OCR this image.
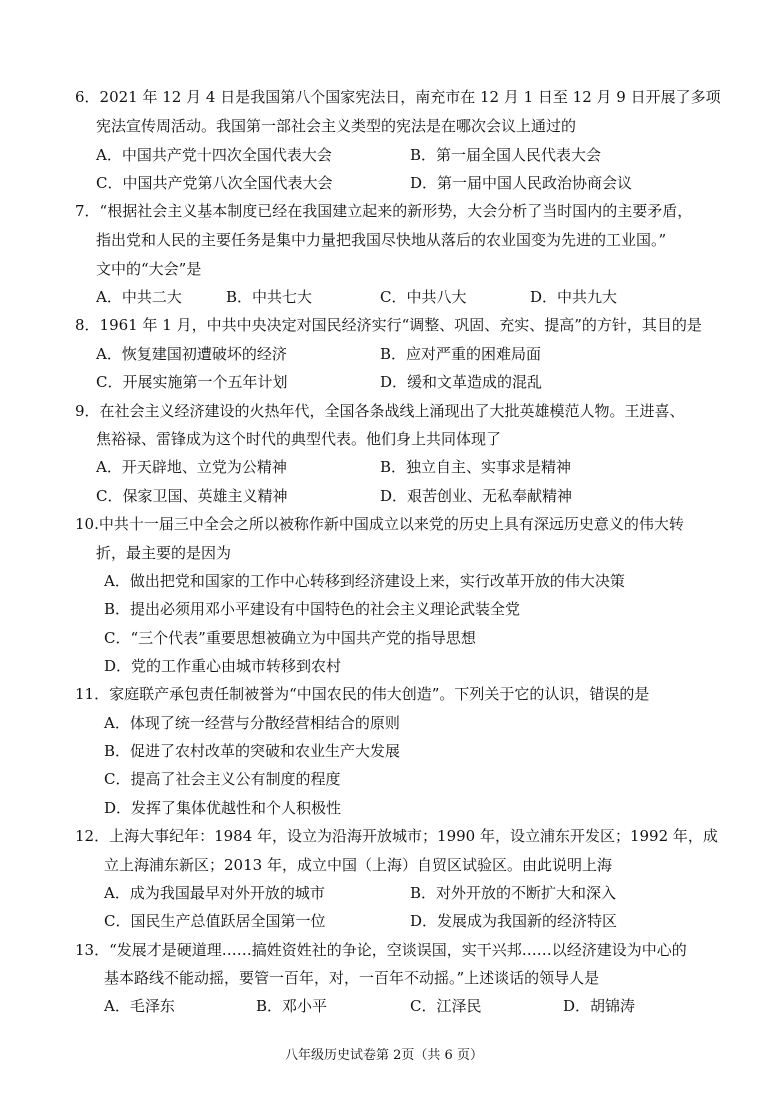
6．2021 年 12 月 4 日是我国第八个国家宪法日，南充市在 12 月 1 日至 12 月 9 日开展了多项
宪法宣传周活动。我国第一部社会主义类型的宪法是在哪次会议上通过的
A．中国共产党十四次全国代表大会	B．第一届全国人民代表大会
C．中国共产党第八次全国代表大会	D．第一届中国人民政治协商会议
7．“根据社会主义基本制度已经在我国建立起来的新形势，大会分析了当时国内的主要矛盾，
指出党和人民的主要任务是集中力量把我国尽快地从落后的农业国变为先进的工业国。”
文中的“大会”是
A．中共二大	B．中共七大	C．中共八大	D．中共九大
8．1961 年 1 月，中共中央决定对国民经济实行“调整、巩固、充实、提高”的方针，其目的是
A．恢复建国初遭破坏的经济	B．应对严重的困难局面
C．开展实施第一个五年计划	D．缓和文革造成的混乱
9．在社会主义经济建设的火热年代，全国各条战线上涌现出了大批英雄模范人物。王进喜、
焦裕禄、雷锋成为这个时代的典型代表。他们身上共同体现了
A．开天辟地、立党为公精神	B．独立自主、实事求是精神
C．保家卫国、英雄主义精神	D．艰苦创业、无私奉献精神
10.中共十一届三中全会之所以被称作新中国成立以来党的历史上具有深远历史意义的伟大转
折，最主要的是因为
A．做出把党和国家的工作中心转移到经济建设上来，实行改革开放的伟大决策
B．提出必须用邓小平建设有中国特色的社会主义理论武装全党
C．“三个代表”重要思想被确立为中国共产党的指导思想
D．党的工作重心由城市转移到农村
11．家庭联产承包责任制被誉为“中国农民的伟大创造”。下列关于它的认识，错误的是
A．体现了统一经营与分散经营相结合的原则
B．促进了农村改革的突破和农业生产大发展
C．提高了社会主义公有制度的程度
D．发挥了集体优越性和个人积极性
12．上海大事纪年：1984 年，设立为沿海开放城市；1990 年，设立浦东开发区；1992 年，成
立上海浦东新区；2013 年，成立中国（上海）自贸区试验区。由此说明上海
A．成为我国最早对外开放的城市	B．对外开放的不断扩大和深入
C．国民生产总值跃居全国第一位	D．发展成为我国新的经济特区
13．“发展才是硬道理……搞姓资姓社的争论，空谈误国，实干兴邦……以经济建设为中心的
基本路线不能动摇，要管一百年，对，一百年不动摇。”上述谈话的领导人是
A．毛泽东	B．邓小平	C．江泽民	D．胡锦涛
八年级历史试卷第 2页（共 6 页）
